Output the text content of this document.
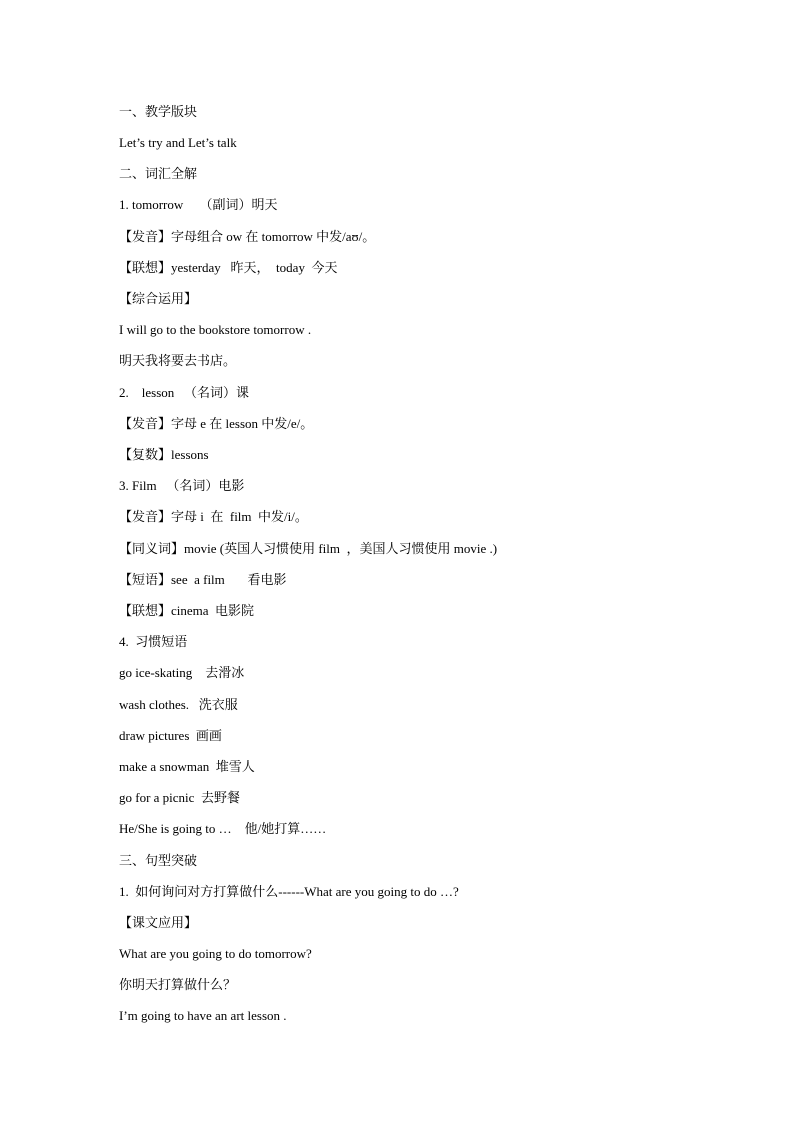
一、教学版块
Let’s try and Let’s talk
二、词汇全解
1. tomorrow     （副词）明天
【发音】字母组合 ow 在 tomorrow 中发/aʊ/。
【联想】yesterday   昨天，  today  今天
【综合运用】
I will go to the bookstore tomorrow .
明天我将要去书店。
2.    lesson   （名词）课
【发音】字母 e 在 lesson 中发/e/。
【复数】lessons
3. Film   （名词）电影
【发音】字母 i  在  film  中发/i/。
【同义词】movie (英国人习惯使用 film  ，美国人习惯使用 movie .)
【短语】see  a film       看电影
【联想】cinema  电影院
4.  习惯短语
go ice-skating    去滑冰
wash clothes.   洗衣服
draw pictures  画画
make a snowman  堆雪人
go for a picnic  去野餐
He/She is going to …    他/她打算……
三、句型突破
1.  如何询问对方打算做什么------What are you going to do …?
【课文应用】
What are you going to do tomorrow?
你明天打算做什么？
I’m going to have an art lesson .
